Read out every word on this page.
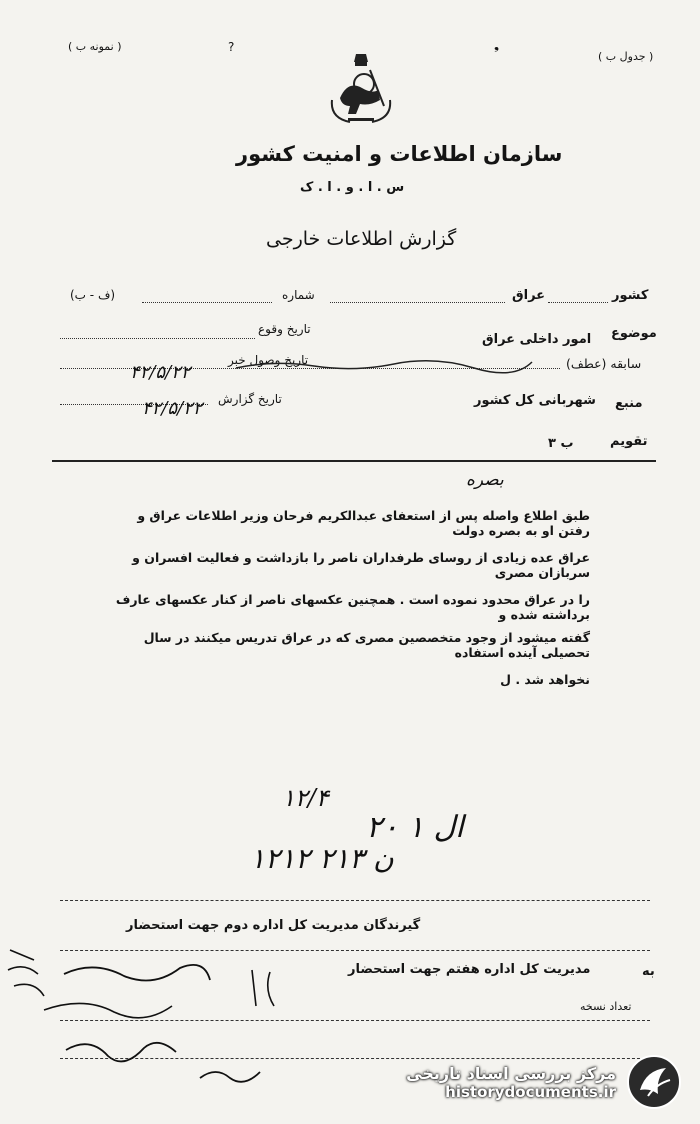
( نمونه ب )
( جدول ب )
?	❟
سازمان اطلاعات و امنیت کشور
س . ا . و . ا . ک
گزارش اطلاعات خارجی
کشور
عراق
شماره
(ف - ب)
موضوع
امور داخلی عراق
تاریخ وقوع
سابقه (عطف)
تاریخ وصول خبر
۴۲/۵/۲۲
منبع
شهربانی کل کشور
تاریخ گزارش
۴۲/۵/۲۲
تقویم
ب ۳
بصره
طبق اطلاع واصله پس از استعفای عبدالکریم فرحان وزیر اطلاعات عراق و رفتن او به بصره دولت
عراق عده زیادی از روسای طرفداران ناصر را بازداشت و فعالیت افسران و سربازان مصری
را در عراق محدود نموده است . همچنین عکسهای ناصر از کنار عکسهای عارف برداشته شده و
گفته میشود از وجود متخصصین مصری که در عراق تدریس میکنند در سال تحصیلی آینده استفاده
نخواهد شد . ل
۱۲/۴
ال ۱ ۲۰
۱۲۱۲ ن ۲۱۳
گیرندگان مدیریت کل اداره دوم جهت استحضار
به
مدیریت کل اداره هفتم جهت استحضار
تعداد نسخه
مرکز بررسی اسناد تاریخی
historydocuments.ir
